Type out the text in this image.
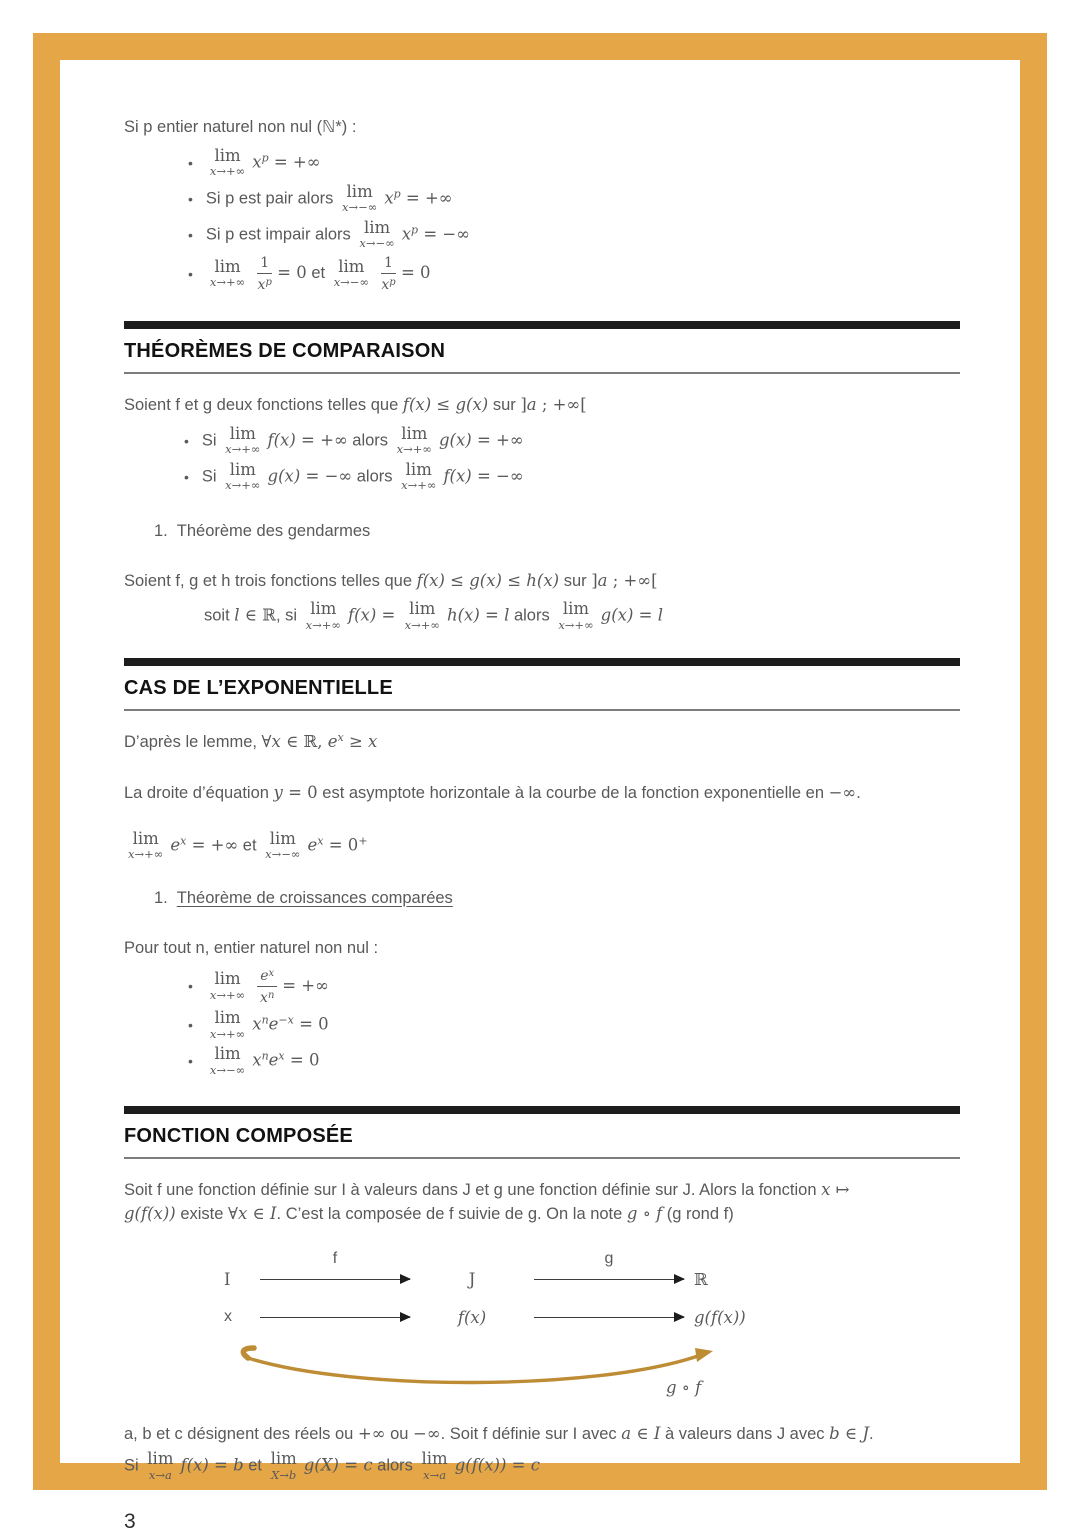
Si p entier naturel non nul (ℕ*) :
• lim
x→+∞
$x^p$ = +∞
• Si p est pair alors lim
x→−∞
$x^p$ = +∞
• Si p est impair alors lim
x→−∞
$x^p$ = −∞
• lim
$x\to+\infty \frac{1}{x^p} = 0$ et lim
$x\to-\infty \frac{1}{x^p} = 0$
THÉORÈMES DE COMPARAISON
Soient f et g deux fonctions telles que f(x) ≤ g(x) sur ]a ; +∞[
• Si lim
x→+∞
f(x) = +∞ alors lim
x→+∞
g(x) = +∞
• Si lim
x→+∞
g(x) = −∞ alors lim
x→+∞
f(x) = −∞
1. Théorème des gendarmes
Soient f, g et h trois fonctions telles que f(x) ≤ g(x) ≤ h(x) sur ]a ; +∞[
soit l ∈ ℝ, si lim
x→+∞
f(x) = lim
x→+∞
h(x) = l alors lim
x→+∞
g(x) = l
CAS DE L’EXPONENTIELLE
D’après le lemme, ∀x ∈ ℝ, $e^x \ge x$
La droite d’équation y = 0 est asymptote horizontale à la courbe de la fonction exponentielle en −∞.
lim
x→+∞
$e^x$ = +∞ et lim
x→−∞
$e^x = 0^+$
1. Théorème de croissances comparées
Pour tout n, entier naturel non nul :
• lim
$x\to+\infty \frac{e^x}{x^n}$ = +∞
• lim
x→+∞
$x^ne^{-x} = 0$
• lim
x→−∞
$x^ne^x = 0$
FONCTION COMPOSÉE
Soit f une fonction définie sur I à valeurs dans J et g une fonction définie sur J. Alors la fonction x ↦
g(f(x)) existe ∀x ∈ I. C’est la composée de f suivie de g. On la note g ∘ f (g rond f)
I
f
J
g
ℝ
x	f(x)	g(f(x))
g ∘ f
a, b et c désignent des réels ou +∞ ou −∞. Soit f définie sur I avec a ∈ I à valeurs dans J avec b ∈ J.
Si lim
x→a
f(x) = b et lim
X→b
g(X) = c alors lim
x→a
g(f(x)) = c
3
